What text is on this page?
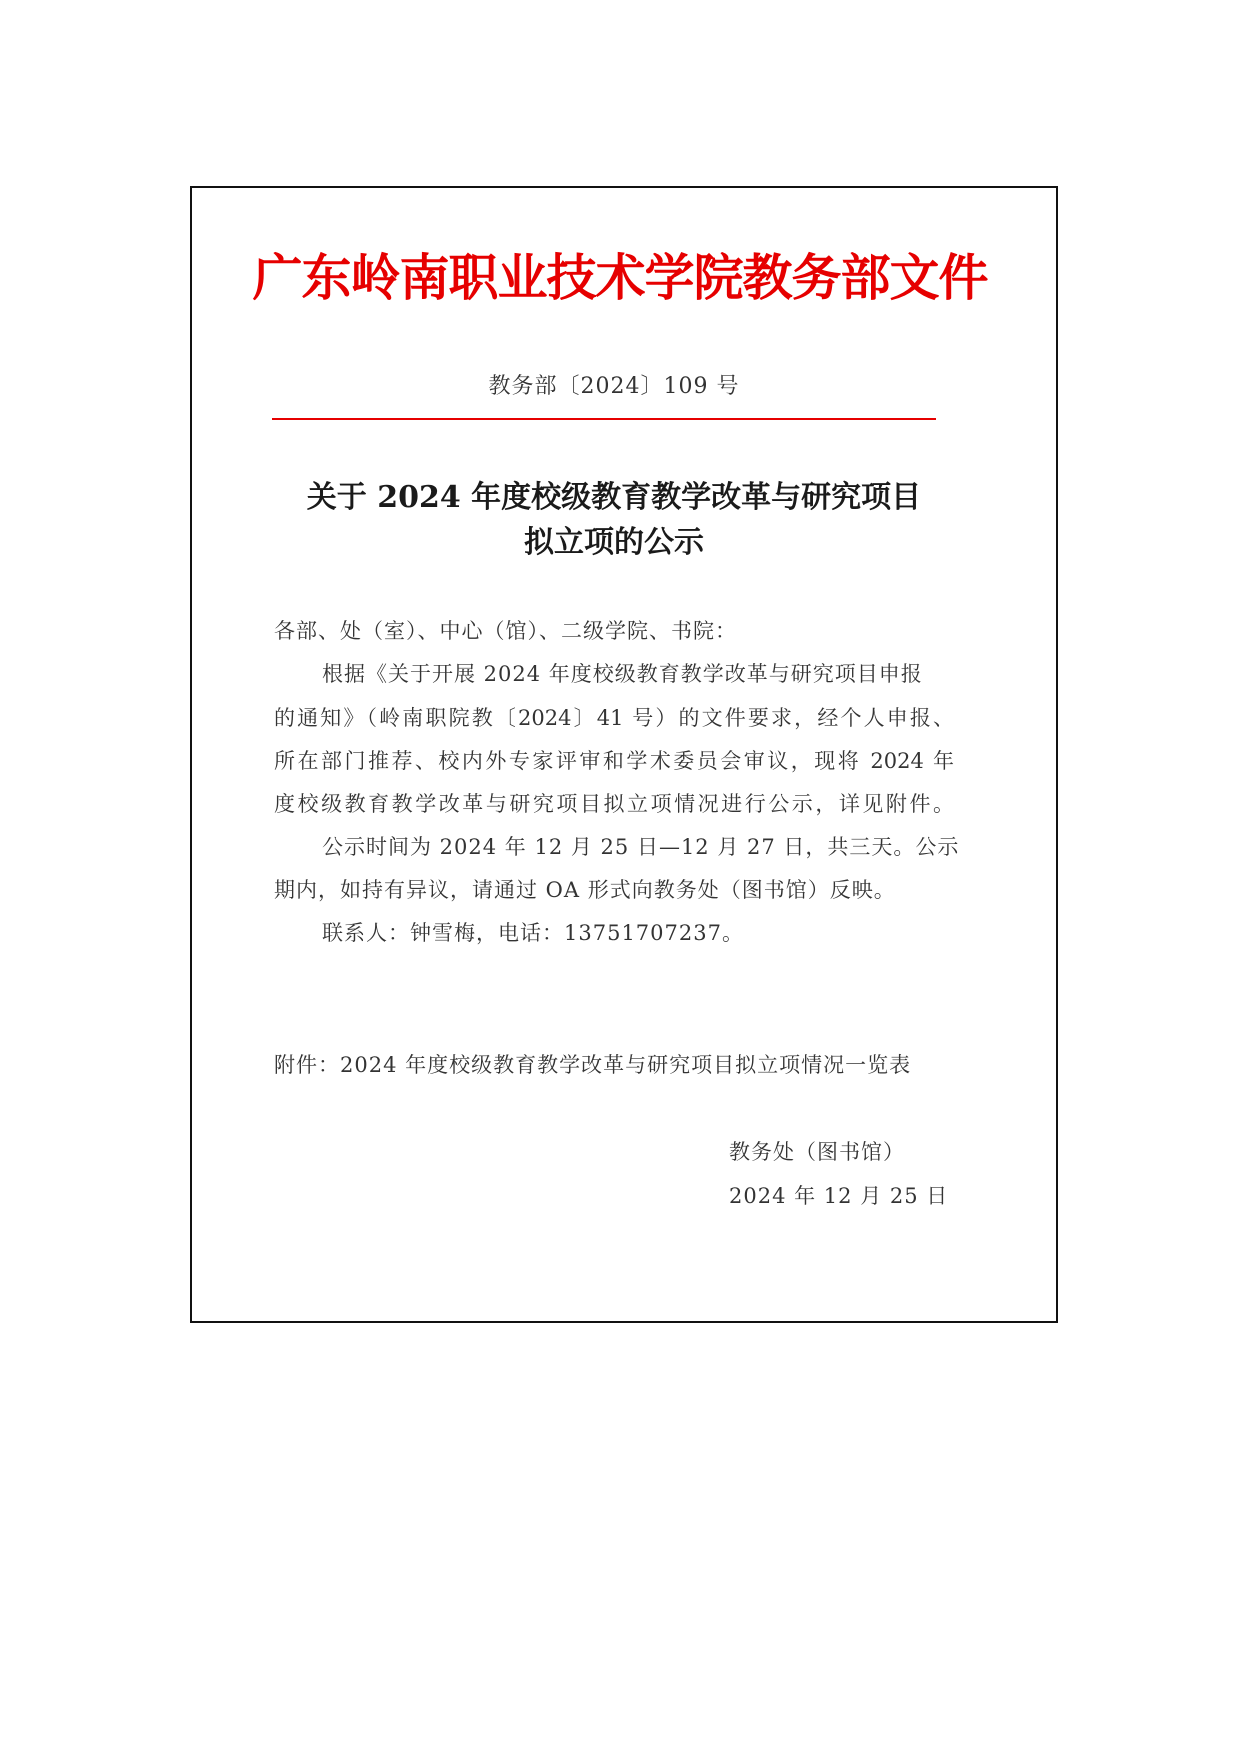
广东岭南职业技术学院教务部文件
教务部〔2024〕109 号
关于 2024 年度校级教育教学改革与研究项目
拟立项的公示
各部、处（室）、中心（馆）、二级学院、书院：
根据《关于开展 2024 年度校级教育教学改革与研究项目申报
的通知》（岭南职院教〔2024〕41 号）的文件要求，经个人申报、
所在部门推荐、校内外专家评审和学术委员会审议，现将 2024 年
度校级教育教学改革与研究项目拟立项情况进行公示，详见附件。
公示时间为 2024 年 12 月 25 日—12 月 27 日，共三天。公示
期内，如持有异议，请通过 OA 形式向教务处（图书馆）反映。
联系人：钟雪梅，电话：13751707237。
附件：2024 年度校级教育教学改革与研究项目拟立项情况一览表
教务处（图书馆）
2024 年 12 月 25 日
